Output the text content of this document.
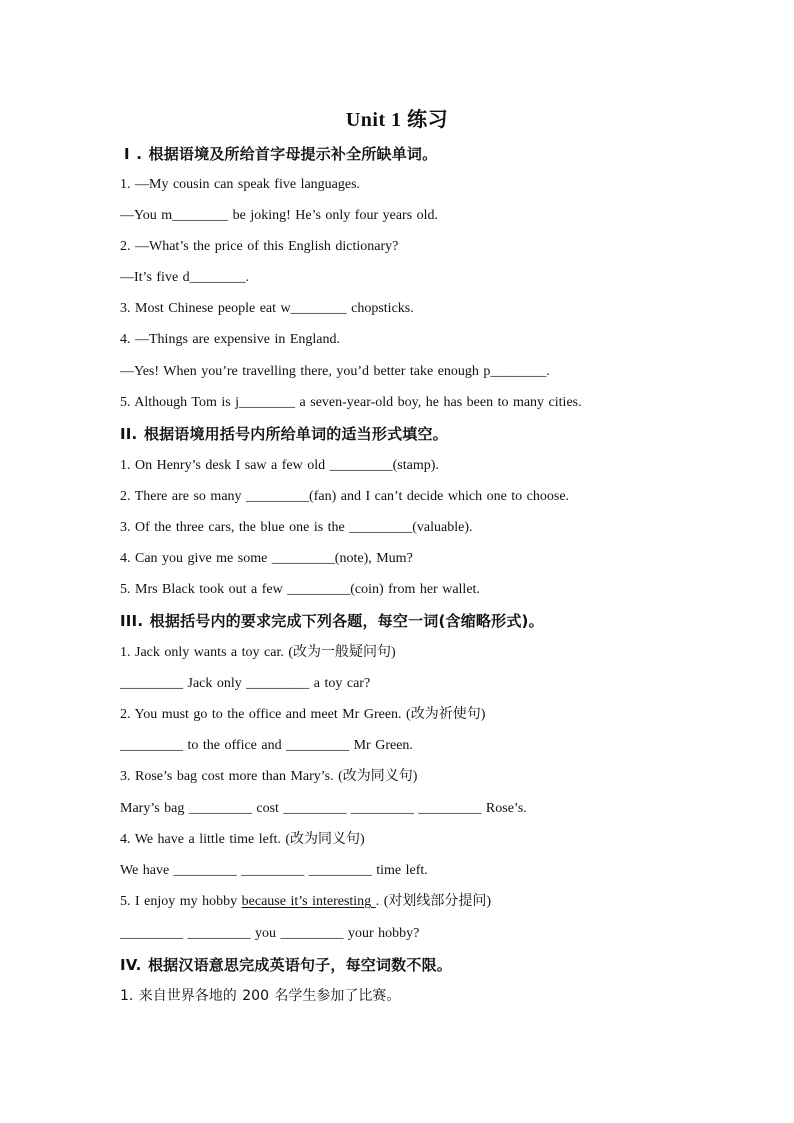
Unit 1 练习
I . 根据语境及所给首字母提示补全所缺单词。
1. —My cousin can speak five languages.
—You m________ be joking! He’s only four years old.
2. —What’s the price of this English dictionary?
—It’s five d________.
3. Most Chinese people eat w________ chopsticks.
4. —Things are expensive in England.
—Yes! When you’re travelling there, you’d better take enough p________.
5. Although Tom is j________ a seven-year-old boy, he has been to many cities.
II. 根据语境用括号内所给单词的适当形式填空。
1. On Henry’s desk I saw a few old _________(stamp).
2. There are so many _________(fan) and I can’t decide which one to choose.
3. Of the three cars, the blue one is the _________(valuable).
4. Can you give me some _________(note), Mum?
5. Mrs Black took out a few _________(coin) from her wallet.
III. 根据括号内的要求完成下列各题，每空一词(含缩略形式)。
1. Jack only wants a toy car. (改为一般疑问句)
_________ Jack only _________ a toy car?
2. You must go to the office and meet Mr Green. (改为祈使句)
_________ to the office and _________ Mr Green.
3. Rose’s bag cost more than Mary’s. (改为同义句)
Mary’s bag _________ cost _________ _________ _________ Rose’s.
4. We have a little time left. (改为同义句)
We have _________ _________ _________ time left.
5. I enjoy my hobby because it’s interesting . (对划线部分提问)
_________ _________ you _________ your hobby?
IV. 根据汉语意思完成英语句子，每空词数不限。
1. 来自世界各地的 200 名学生参加了比赛。
